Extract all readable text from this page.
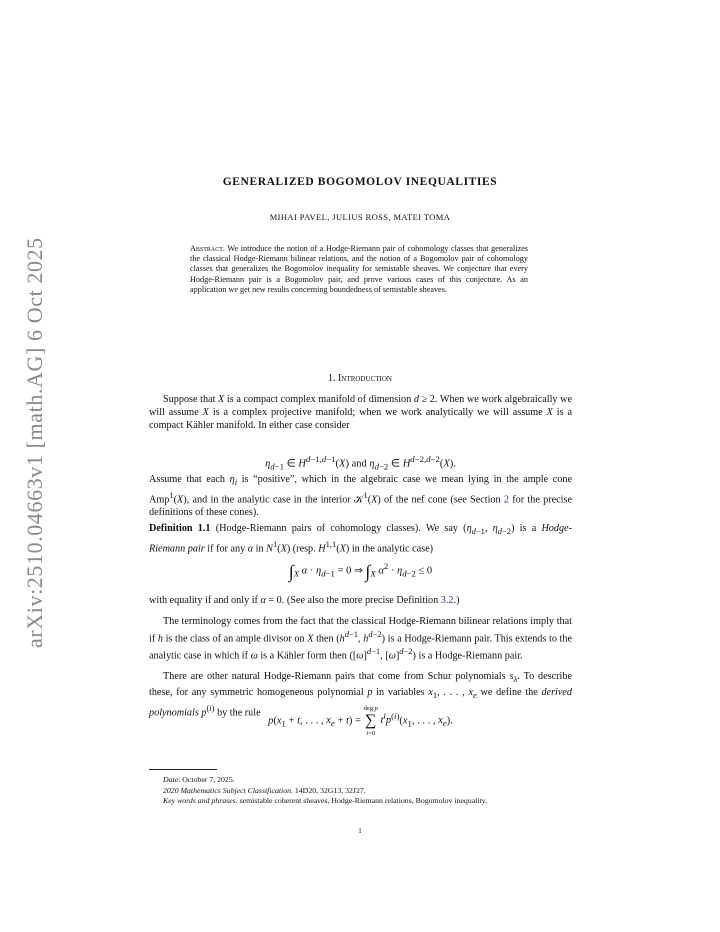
arXiv:2510.04663v1 [math.AG] 6 Oct 2025
GENERALIZED BOGOMOLOV INEQUALITIES
MIHAI PAVEL, JULIUS ROSS, MATEI TOMA
Abstract. We introduce the notion of a Hodge-Riemann pair of cohomology classes that generalizes the classical Hodge-Riemann bilinear relations, and the notion of a Bogomolov pair of cohomology classes that generalizes the Bogomolov inequality for semistable sheaves. We conjecture that every Hodge-Riemann pair is a Bogomolov pair, and prove various cases of this conjecture. As an application we get new results concerning boundedness of semistable sheaves.
1. Introduction

Suppose that X is a compact complex manifold of dimension d ≥ 2. When we work algebraically we will assume X is a complex projective manifold; when we work analytically we will assume X is a compact Kähler manifold. In either case consider

$\eta_{d-1}$ ∈ $H^{d-1,d-1}(X)$ and $\eta_{d-2}$ ∈ $H^{d-2,d-2}(X)$.

Assume that each $\eta_i$ is “positive”, which in the algebraic case we mean lying in the ample cone Amp$^1$(X), and in the analytic case in the interior 𝒦$^1$(X) of the nef cone (see Section 2 for the precise definitions of these cones).

Definition 1.1 (Hodge-Riemann pairs of cohomology classes). We say ($\eta_{d-1}$, $\eta_{d-2}$) is a Hodge-Riemann pair if for any α in $N^1(X)$ (resp. H$^{1,1}$(X) in the analytic case)

$\int_X$ $\alpha \cdot \eta_{d-1} = 0$ ⇒ $\int_X$ $\alpha^2 \cdot \eta_{d-2} \le 0$

with equality if and only if α = 0. (See also the more precise Definition 3.2.)

The terminology comes from the fact that the classical Hodge-Riemann bilinear relations imply that if h is the class of an ample divisor on X then ($h^{d-1}$, $h^{d-2}$) is a Hodge-Riemann pair. This extends to the analytic case in which if ω is a Kähler form then ($[\omega]^{d-1}$, $[\omega]^{d-2}$) is a Hodge-Riemann pair.

There are other natural Hodge-Riemann pairs that come from Schur polynomials $s_\lambda$. To describe these, for any symmetric homogeneous polynomial p in variables $x_1$, . . . , $x_e$ we define the derived polynomials $p^{(i)}$ by the rule

$p(x_1 + t$, . . . , $x_e + t$) =
deg p
∑
i=0
$t^ip^{(i)}(x_1$, . . . , $x_e$).

Date: October 7, 2025.

2020 Mathematics Subject Classification. 14D20, 32G13, 32J27.

Key words and phrases. semistable coherent sheaves, Hodge-Riemann relations, Bogomolov inequality.

1
